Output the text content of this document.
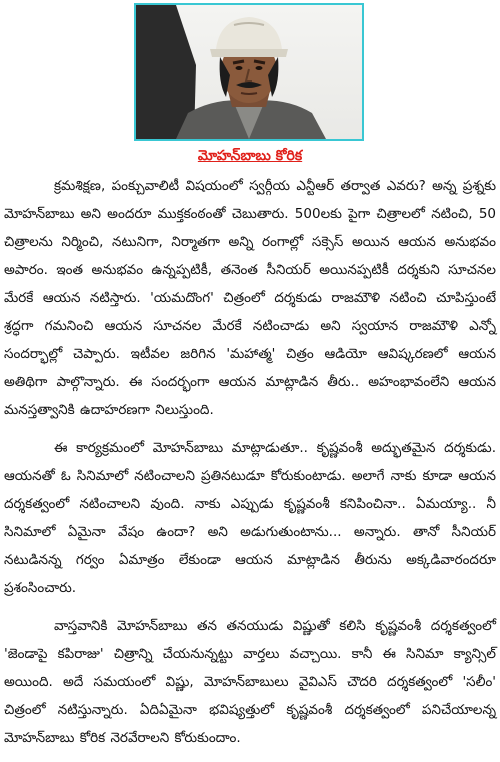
మోహన్‌బాబు కోరిక

క్రమశిక్షణ, పంక్చువాలిటీ విషయంలో స్వర్గీయ ఎన్టీఆర్ తర్వాత ఎవరు? అన్న ప్రశ్నకు మోహన్‌బాబు అని అందరూ ముక్తకంఠంతో చెబుతారు. 500లకు పైగా చిత్రాలలో నటించి, 50 చిత్రాలను నిర్మించి, నటునిగా, నిర్మాతగా అన్ని రంగాల్లో సక్సెస్ అయిన ఆయన అనుభవం అపారం. ఇంత అనుభవం ఉన్నప్పటికీ, తనెంత సీనియర్ అయినప్పటికీ దర్శకుని సూచనల మేరకే ఆయన నటిస్తారు. 'యమదొంగ' చిత్రంలో దర్శకుడు రాజమౌళి నటించి చూపిస్తుంటే శ్రద్ధగా గమనించి ఆయన సూచనల మేరకే నటించాడు అని స్వయాన రాజమౌళి ఎన్నో సందర్భాల్లో చెప్పారు. ఇటీవల జరిగిన 'మహాత్మ' చిత్రం ఆడియో ఆవిష్కరణలో ఆయన అతిథిగా పాల్గొన్నారు. ఈ సందర్భంగా ఆయన మాట్లాడిన తీరు.. అహంభావంలేని ఆయన మనస్తత్వానికి ఉదాహరణగా నిలుస్తుంది.

ఈ కార్యక్రమంలో మోహన్‌బాబు మాట్లాడుతూ.. కృష్ణవంశీ అద్భుతమైన దర్శకుడు. ఆయనతో ఓ సినిమాలో నటించాలని ప్రతినటుడూ కోరుకుంటాడు. అలాగే నాకు కూడా ఆయన దర్శకత్వంలో నటించాలని వుంది. నాకు ఎప్పుడు కృష్ణవంశీ కనిపించినా.. ఏమయ్యా.. నీ సినిమాలో ఏమైనా వేషం ఉందా? అని అడుగుతుంటాను... అన్నారు. తానో సీనియర్ నటుడినన్న గర్వం ఏమాత్రం లేకుండా ఆయన మాట్లాడిన తీరును అక్కడివారందరూ ప్రశంసించారు.

వాస్తవానికి మోహన్‌బాబు తన తనయుడు విష్ణుతో కలిసి కృష్ణవంశీ దర్శకత్వంలో 'జెండాపై కపిరాజు' చిత్రాన్ని చేయనున్నట్టు వార్తలు వచ్చాయి. కానీ ఈ సినిమా క్యాన్సిల్ అయింది. అదే సమయంలో విష్ణు, మోహన్‌బాబులు వైవిఎస్ చౌదరి దర్శకత్వంలో 'సలీం' చిత్రంలో నటిస్తున్నారు. ఏదిఏమైనా భవిష్యత్తులో కృష్ణవంశీ దర్శకత్వంలో పనిచేయాలన్న మోహన్‌బాబు కోరిక నెరవేరాలని కోరుకుందాం.
